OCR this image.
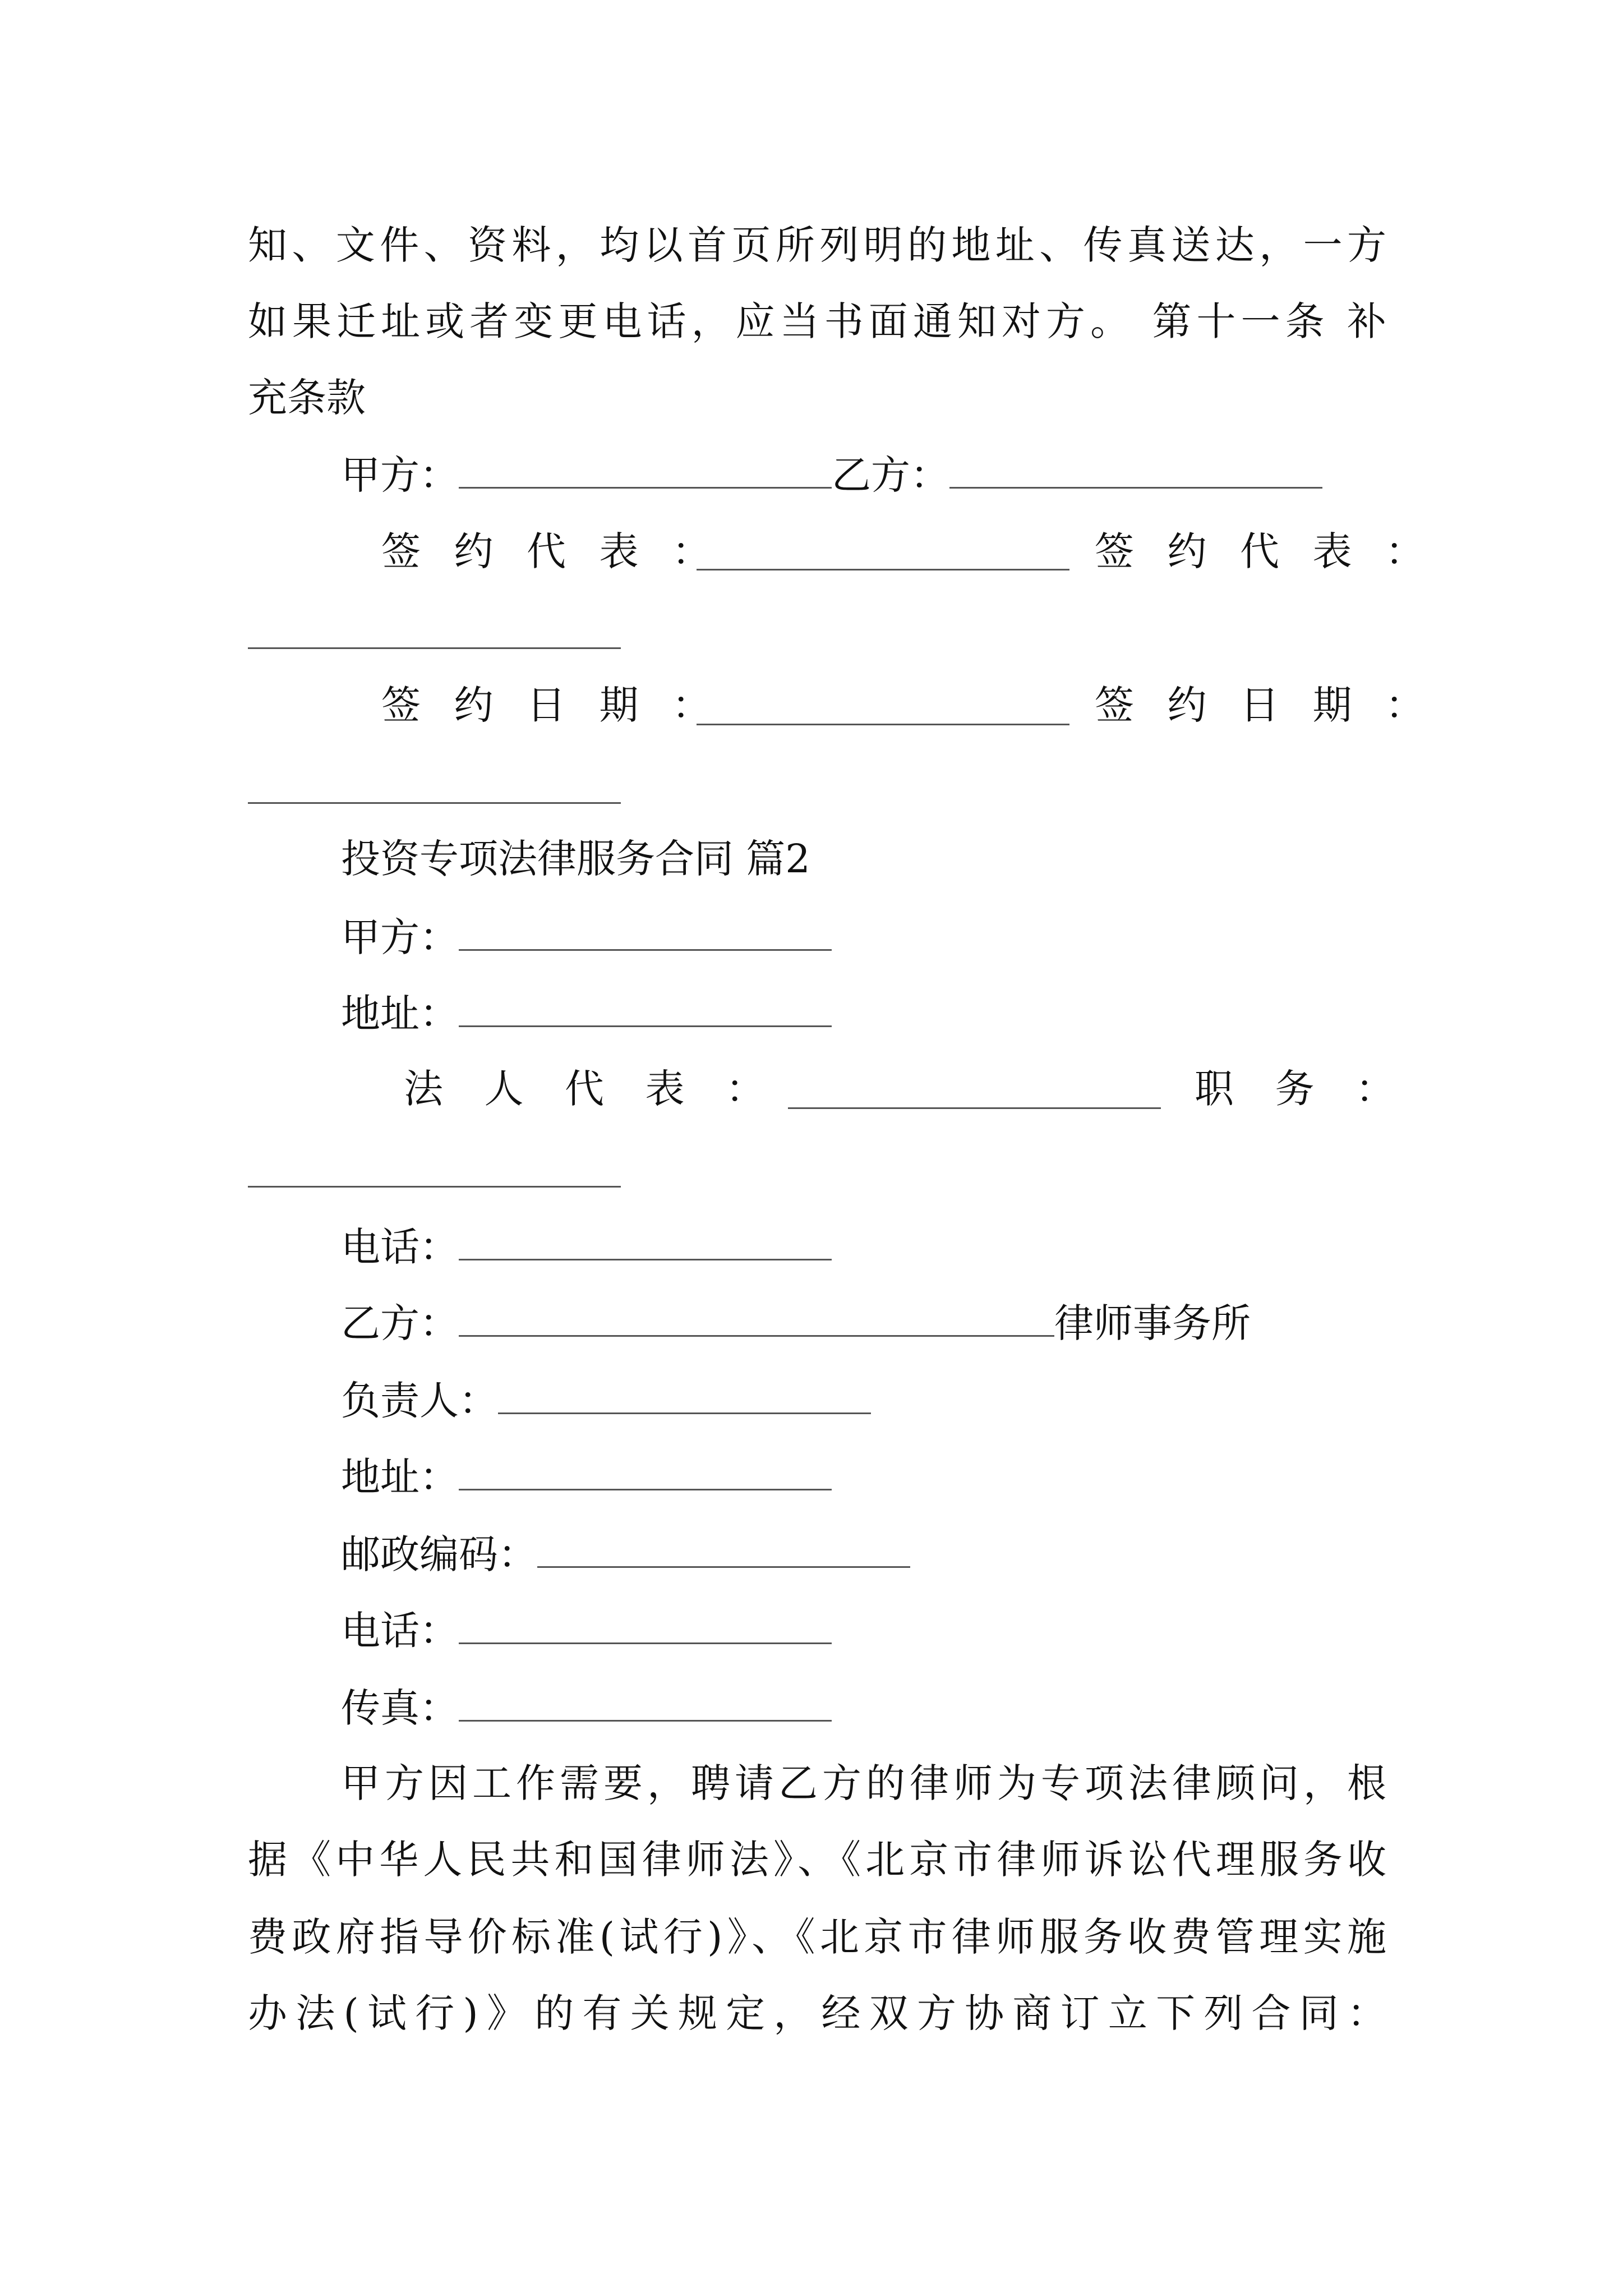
知、文件、资料，均以首页所列明的地址、传真送达，一方
如果迁址或者变更电话，应当书面通知对方。 第十一条 补
充条款
甲方：	乙方：
签约代表：	签约代表：
签约日期：	签约日期：
投资专项法律服务合同 篇2
甲方：
地址：
法人代表：	职务：
电话：
乙方：	律师事务所
负责人：
地址：
邮政编码：
电话：
传真：
甲方因工作需要，聘请乙方的律师为专项法律顾问，根
据《中华人民共和国律师法》、《北京市律师诉讼代理服务收
费政府指导价标准(试行)》、《北京市律师服务收费管理实施
办法(试行)》的有关规定，经双方协商订立下列合同：
